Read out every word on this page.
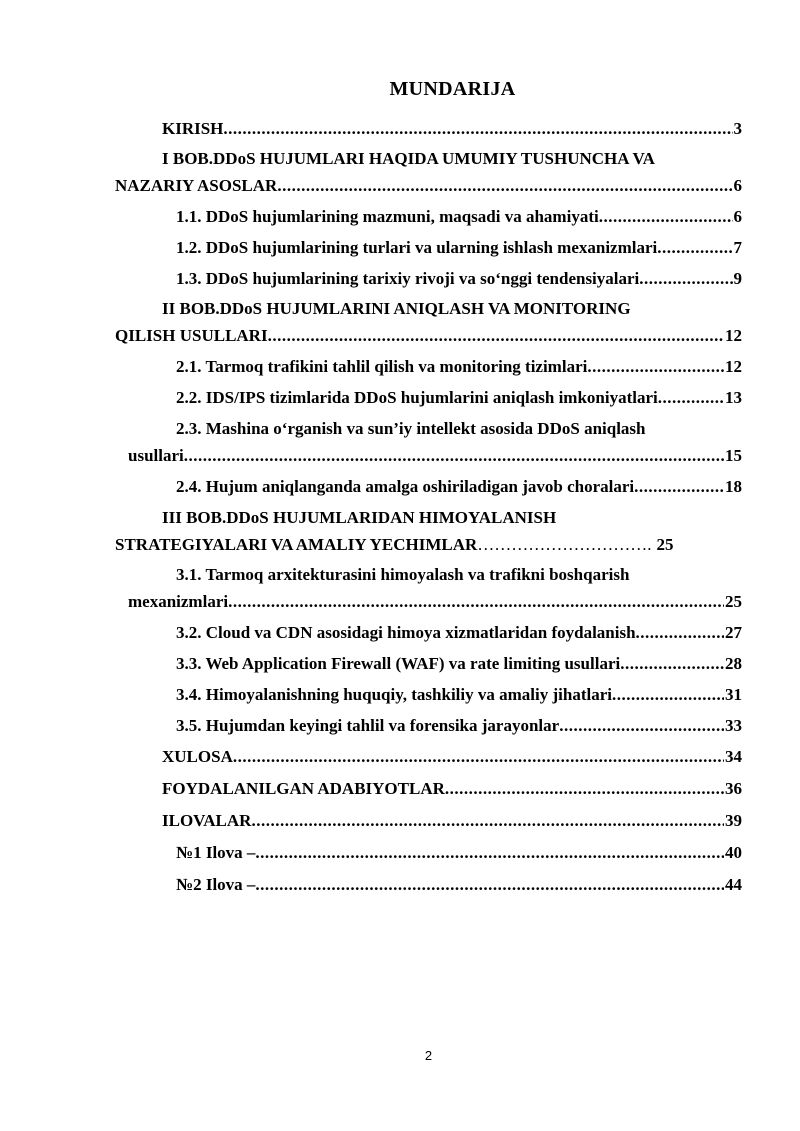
MUNDARIJA
KIRISH .....	3
I BOB.DDoS HUJUMLARI HAQIDA UMUMIY TUSHUNCHA VA
NAZARIY ASOSLAR .....	6
1.1. DDoS hujumlarining mazmuni, maqsadi va ahamiyati .....	6
1.2. DDoS hujumlarining turlari va ularning ishlash mexanizmlari .....	7
1.3. DDoS hujumlarining tarixiy rivoji va so‘nggi tendensiyalari .....	9
II BOB.DDoS HUJUMLARINI ANIQLASH VA MONITORING
QILISH USULLARI .....	12
2.1. Tarmoq trafikini tahlil qilish va monitoring tizimlari .....	12
2.2. IDS/IPS tizimlarida DDoS hujumlarini aniqlash imkoniyatlari .....	13
2.3. Mashina o‘rganish va sun’iy intellekt asosida DDoS aniqlash
usullari .....	15
2.4. Hujum aniqlanganda amalga oshiriladigan javob choralari .....	18
III BOB.DDoS HUJUMLARIDAN HIMOYALANISH
STRATEGIYALARI VA AMALIY YECHIMLAR …………………………. 25
3.1. Tarmoq arxitekturasini himoyalash va trafikni boshqarish
mexanizmlari .....	25
3.2. Cloud va CDN asosidagi himoya xizmatlaridan foydalanish .....	27
3.3. Web Application Firewall (WAF) va rate limiting usullari .....	28
3.4. Himoyalanishning huquqiy, tashkiliy va amaliy jihatlari .....	31
3.5. Hujumdan keyingi tahlil va forensika jarayonlar .....	33
XULOSA .....	34
FOYDALANILGAN ADABIYOTLAR .....	36
ILOVALAR .....	39
№1 Ilova – .....	40
№2 Ilova – .....	44
2
